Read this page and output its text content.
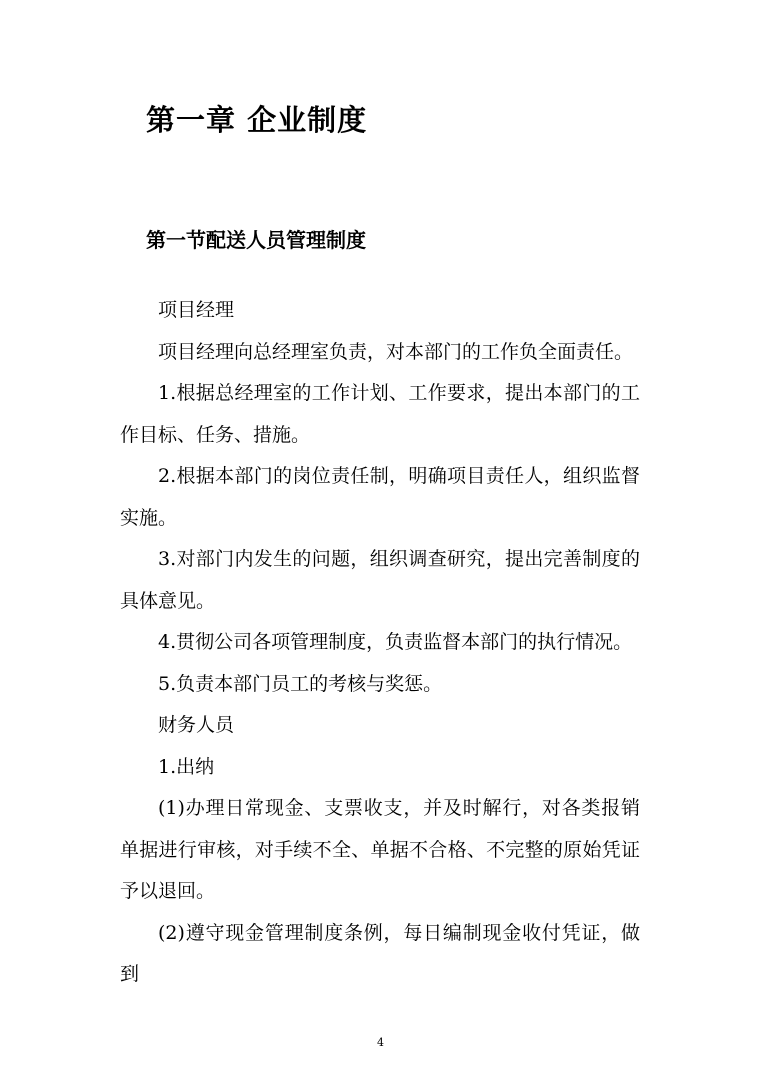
第一章 企业制度
第一节配送人员管理制度

项目经理

项目经理向总经理室负责，对本部门的工作负全面责任。

1.根据总经理室的工作计划、工作要求，提出本部门的工作目标、任务、措施。

2.根据本部门的岗位责任制，明确项目责任人，组织监督实施。

3.对部门内发生的问题，组织调查研究，提出完善制度的具体意见。

4.贯彻公司各项管理制度，负责监督本部门的执行情况。

5.负责本部门员工的考核与奖惩。

财务人员

1.出纳

(1)办理日常现金、支票收支，并及时解行，对各类报销单据进行审核，对手续不全、单据不合格、不完整的原始凭证予以退回。

(2)遵守现金管理制度条例，每日编制现金收付凭证，做到

4
